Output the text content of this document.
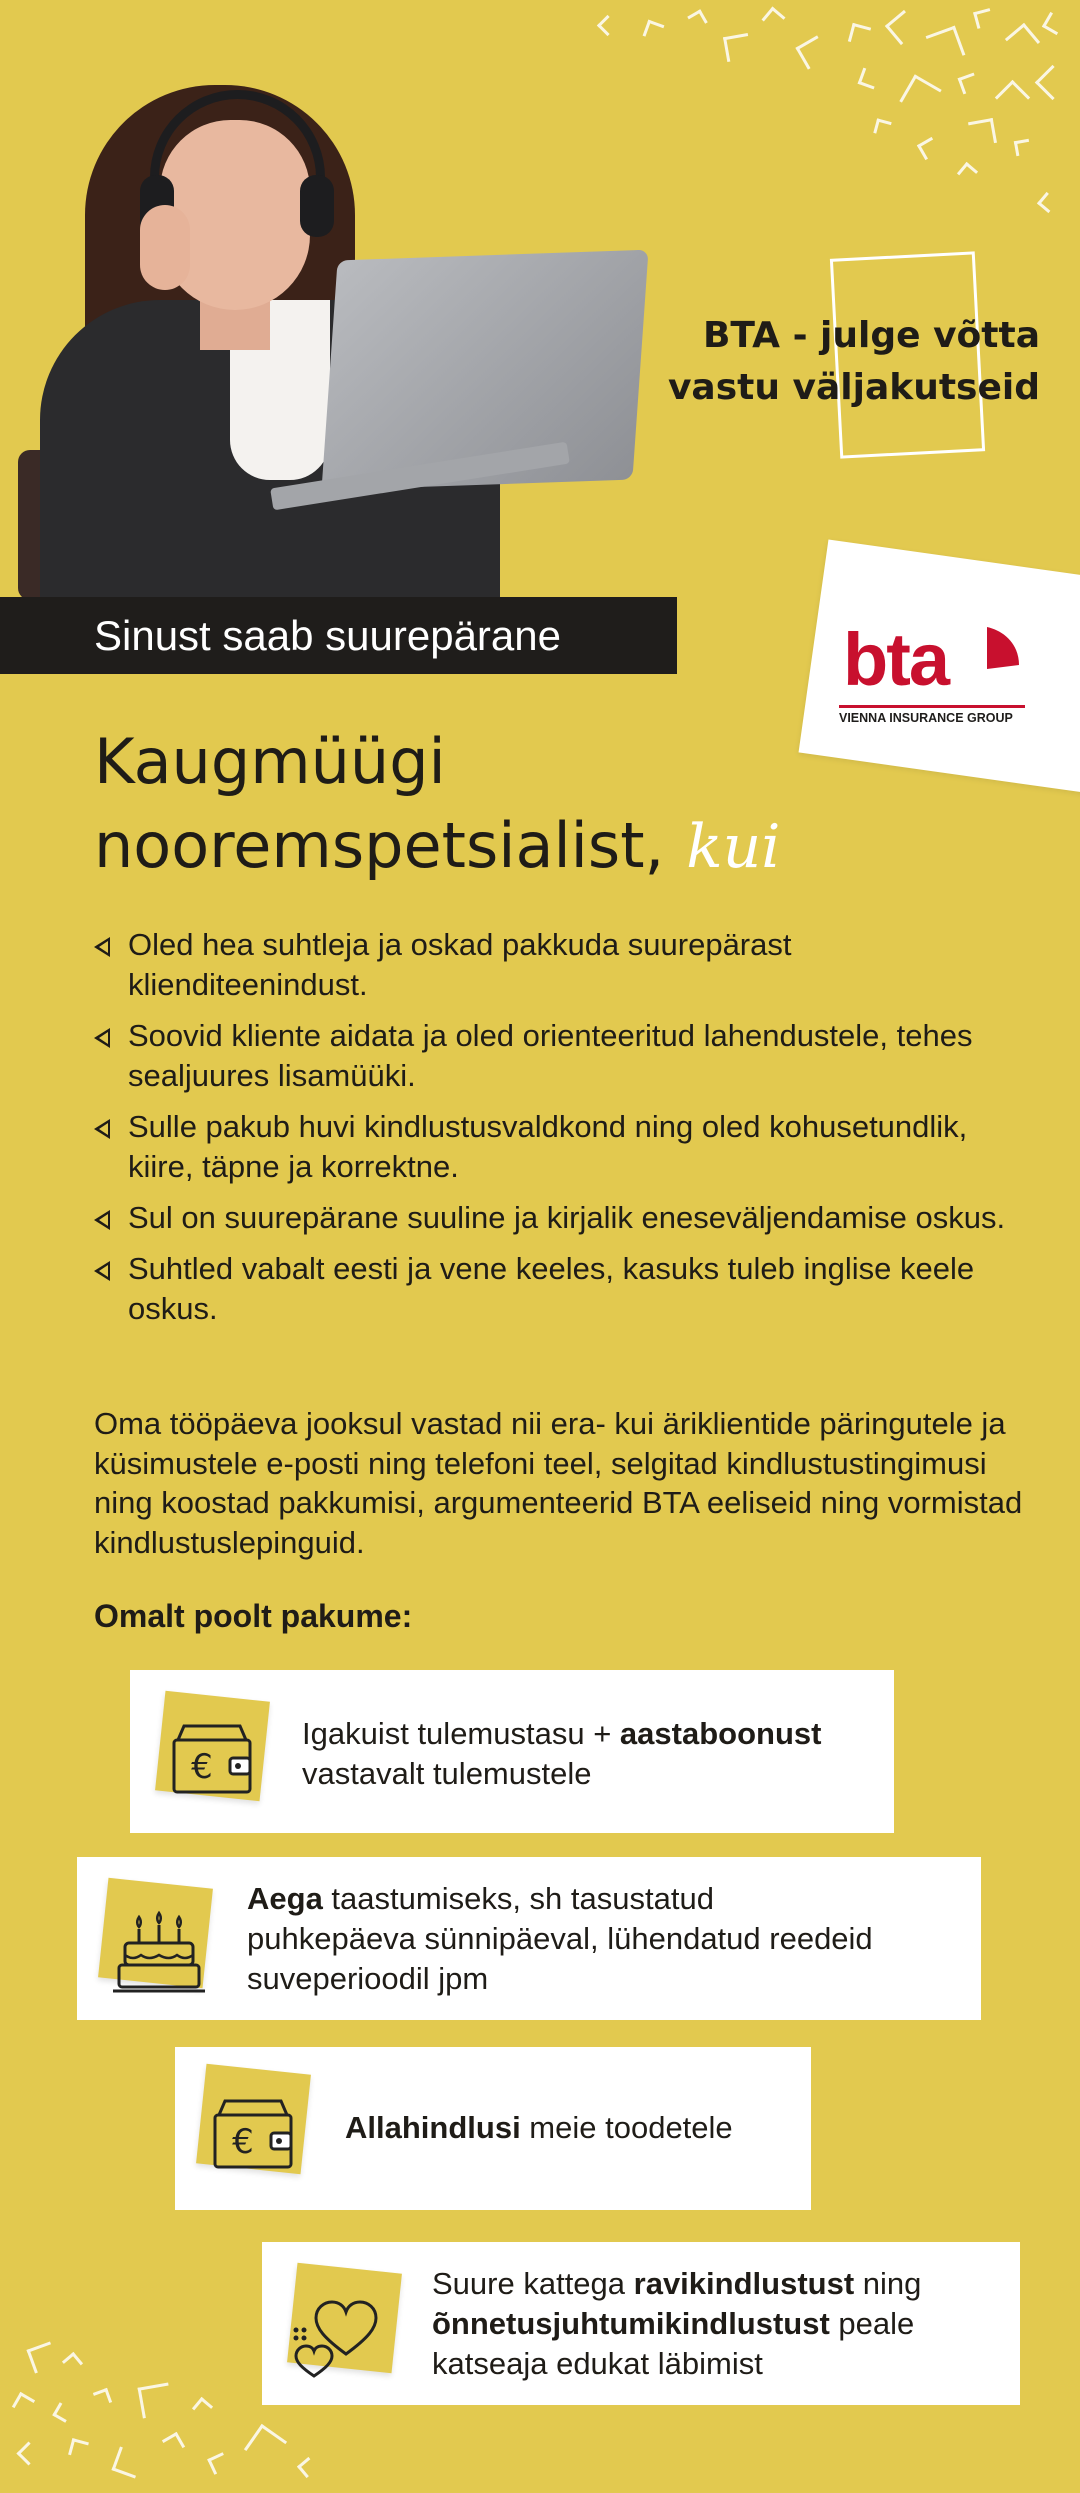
BTA - julge võtta
vastu väljakutseid
Sinust saab suurepärane	bta
VIENNA INSURANCE GROUP
Kaugmüügi
nooremspetsialist, kui
Oled hea suhtleja ja oskad pakkuda suurepärast klienditeenindust.
Soovid kliente aidata ja oled orienteeritud lahendustele, tehes sealjuures lisamüüki.
Sulle pakub huvi kindlustusvaldkond ning oled kohusetundlik, kiire, täpne ja korrektne.
Sul on suurepärane suuline ja kirjalik eneseväljendamise oskus.
Suhtled vabalt eesti ja vene keeles, kasuks tuleb inglise keele oskus.
Oma tööpäeva jooksul vastad nii era- kui äriklientide päringutele ja küsimustele e-posti ning telefoni teel, selgitad kindlustustingimusi ning koostad pakkumisi, argumenteerid BTA eeliseid ning vormistad kindlustuslepinguid.
Omalt poolt pakume:
€
Igakuist tulemustasu + aastaboonust
vastavalt tulemustele
Aega taastumiseks, sh tasustatud
puhkepäeva sünnipäeval, lühendatud reedeid
suveperioodil jpm
€	Allahindlusi meie toodetele
Suure kattega ravikindlustust ning
õnnetusjuhtumikindlustust peale
katseaja edukat läbimist
